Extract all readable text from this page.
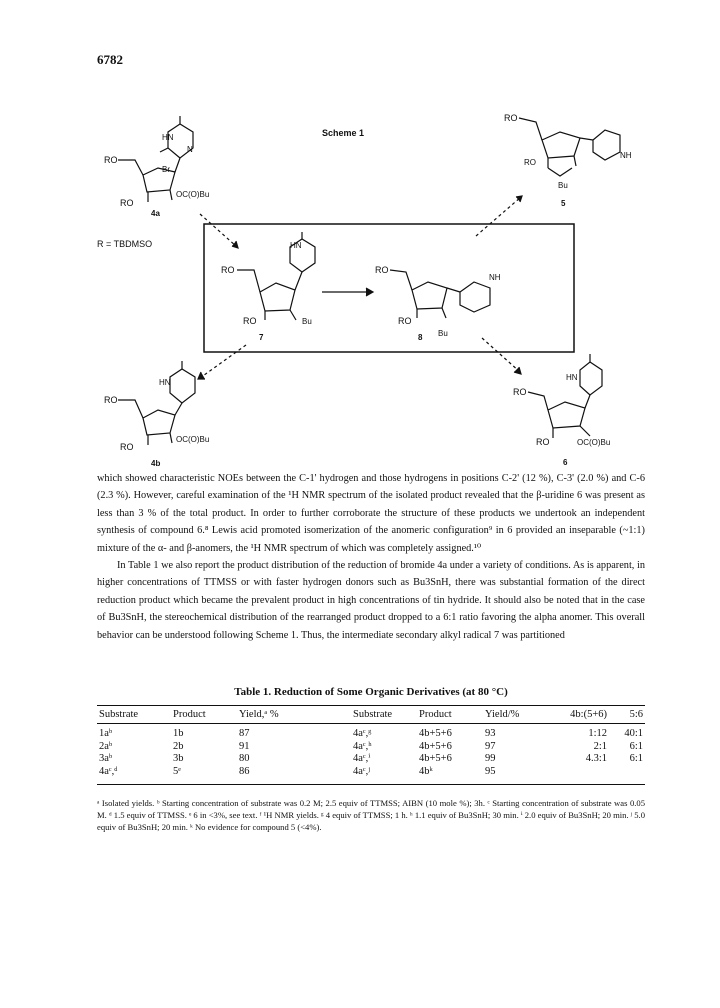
6782
Scheme 1
R = TBDMSO
RO
RO
HN
N
Br
OC(O)Bu
4a
RO
RO
NH
Bu
5
RO
RO
HN
Bu
7
RO
RO
NH
Bu
8
RO
RO
HN
OC(O)Bu
4b
RO
RO
HN
OC(O)Bu
6

which showed characteristic NOEs between the C-1' hydrogen and those hydrogens in positions C-2' (12 %), C-3' (2.0 %) and C-6 (2.3 %). However, careful examination of the ¹H NMR spectrum of the isolated product revealed that the β-uridine 6 was present as less than 3 % of the total product. In order to further corroborate the structure of these products we undertook an independent synthesis of compound 6.⁸ Lewis acid promoted isomerization of the anomeric configuration⁹ in 6 provided an inseparable (~1:1) mixture of the α- and β-anomers, the ¹H NMR spectrum of which was completely assigned.¹⁰

In Table 1 we also report the product distribution of the reduction of bromide 4a under a variety of conditions. As is apparent, in higher concentrations of TTMSS or with faster hydrogen donors such as Bu3SnH, there was substantial formation of the direct reduction product which became the prevalent product in high concentrations of tin hydride. It should also be noted that in the case of Bu3SnH, the stereochemical distribution of the rearranged product dropped to a 6:1 ratio favoring the alpha anomer. This overall behavior can be understood following Scheme 1. Thus, the intermediate secondary alkyl radical 7 was partitioned

Table 1. Reduction of Some Organic Derivatives (at 80 °C)
Substrate	Product	Yield,ᵃ %	Substrate	Product	Yield/%	4b:(5+6)	5:6
1aᵇ	1b	87	4aᶜ,ᵍ	4b+5+6	93	1:12	40:1
2aᵇ	2b	91	4aᶜ,ʰ	4b+5+6	97	2:1	6:1
3aᵇ	3b	80	4aᶜ,ⁱ	4b+5+6	99	4.3:1	6:1
4aᶜ,ᵈ	5ᵉ	86	4aᶜ,ʲ	4bᵏ	95		
ᵃ Isolated yields. ᵇ Starting concentration of substrate was 0.2 M; 2.5 equiv of TTMSS; AIBN (10 mole %); 3h. ᶜ Starting concentration of substrate was 0.05 M. ᵈ 1.5 equiv of TTMSS. ᵉ 6 in <3%, see text. ᶠ ¹H NMR yields. ᵍ 4 equiv of TTMSS; 1 h. ʰ 1.1 equiv of Bu3SnH; 30 min. ⁱ 2.0 equiv of Bu3SnH; 20 min. ʲ 5.0 equiv of Bu3SnH; 20 min. ᵏ No evidence for compound 5 (<4%).
